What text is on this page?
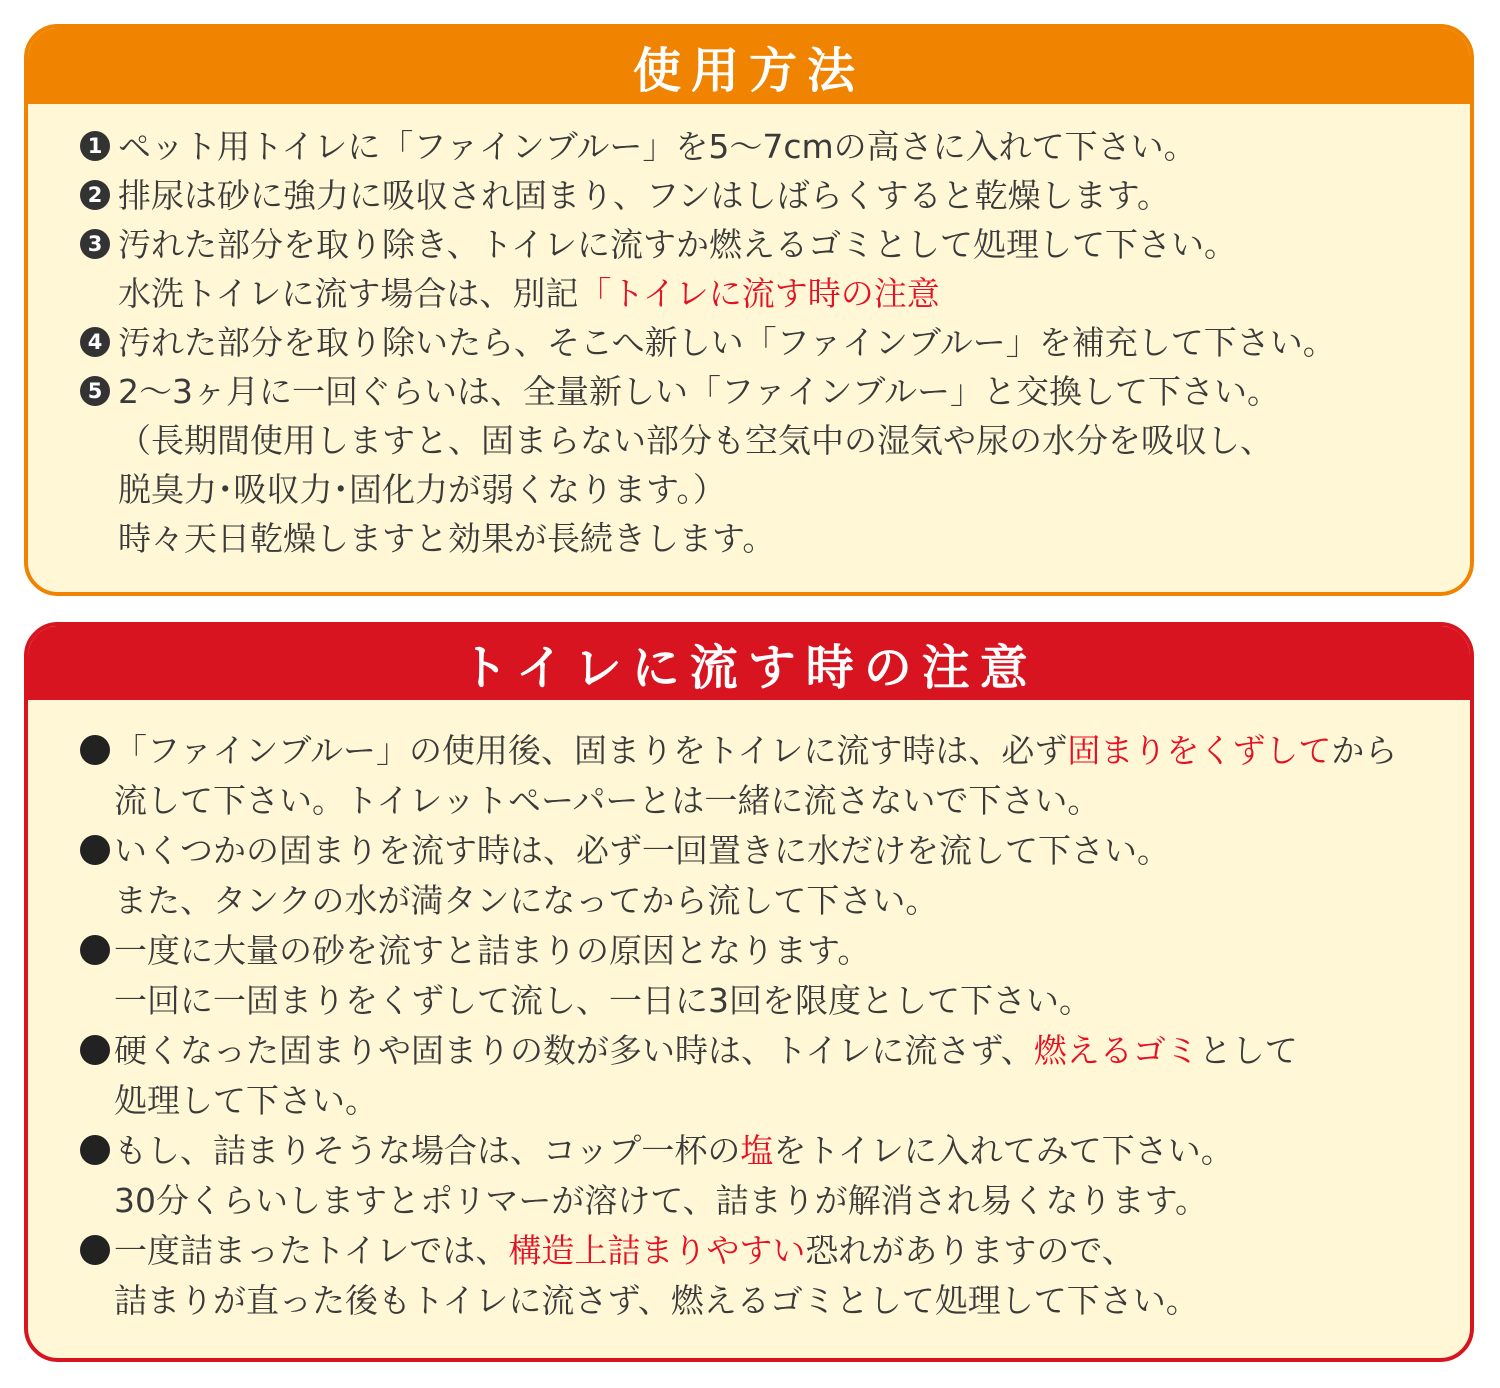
使用方法
1 ペット用トイレに「ファインブルー」を5〜7cmの高さに入れて下さい。
2 排尿は砂に強力に吸収され固まり、フンはしばらくすると乾燥します。
3 汚れた部分を取り除き、トイレに流すか燃えるゴミとして処理して下さい。
水洗トイレに流す場合は、別記「トイレに流す時の注意
4 汚れた部分を取り除いたら、そこへ新しい「ファインブルー」を補充して下さい。
5 2〜3ヶ月に一回ぐらいは、全量新しい「ファインブルー」と交換して下さい。
（長期間使用しますと、固まらない部分も空気中の湿気や尿の水分を吸収し、
脱臭力･吸収力･固化力が弱くなります。）
時々天日乾燥しますと効果が長続きします。
トイレに流す時の注意
「ファインブルー」の使用後、固まりをトイレに流す時は、必ず固まりをくずしてから
流して下さい。トイレットペーパーとは一緒に流さないで下さい。
いくつかの固まりを流す時は、必ず一回置きに水だけを流して下さい。
また、タンクの水が満タンになってから流して下さい。
一度に大量の砂を流すと詰まりの原因となります。
一回に一固まりをくずして流し、一日に3回を限度として下さい。
硬くなった固まりや固まりの数が多い時は、トイレに流さず、燃えるゴミとして
処理して下さい。
もし、詰まりそうな場合は、コップ一杯の塩をトイレに入れてみて下さい。
30分くらいしますとポリマーが溶けて、詰まりが解消され易くなります。
一度詰まったトイレでは、構造上詰まりやすい恐れがありますので、
詰まりが直った後もトイレに流さず、燃えるゴミとして処理して下さい。
